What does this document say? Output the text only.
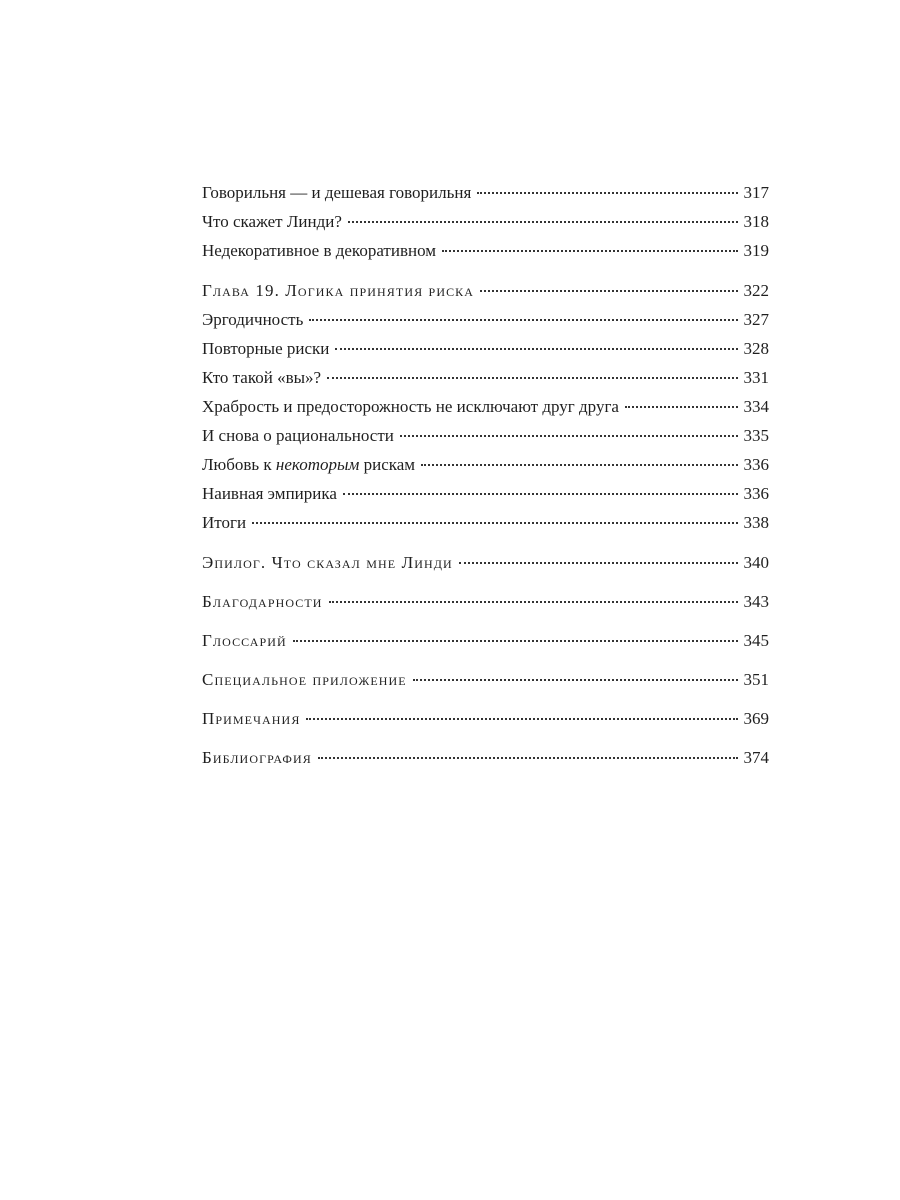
Говорильня — и дешевая говорильня	317
Что скажет Линди?	318
Недекоративное в декоративном	319
Глава 19. Логика принятия риска	322
Эргодичность	327
Повторные риски	328
Кто такой «вы»?	331
Храбрость и предосторожность не исключают друг друга	334
И снова о рациональности	335
Любовь к некоторым рискам	336
Наивная эмпирика	336
Итоги	338
Эпилог. Что сказал мне Линди	340
Благодарности	343
Глоссарий	345
Специальное приложение	351
Примечания	369
Библиография	374
